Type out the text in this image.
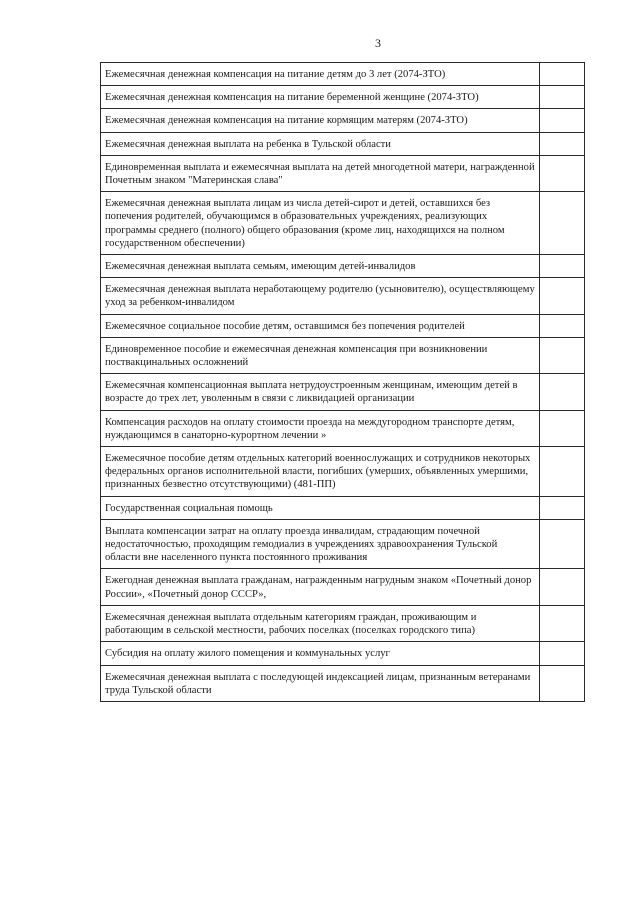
3
Ежемесячная денежная компенсация на питание детям до 3 лет (2074-ЗТО)	
Ежемесячная денежная компенсация на питание беременной женщине (2074-ЗТО)	
Ежемесячная денежная компенсация на питание кормящим матерям (2074-ЗТО)	
Ежемесячная денежная выплата на ребенка в Тульской области	
Единовременная выплата и ежемесячная выплата на детей многодетной матери, награжденной Почетным знаком "Материнская слава"	
Ежемесячная денежная выплата лицам из числа детей-сирот и детей, оставшихся без попечения родителей, обучающимся в образовательных учреждениях, реализующих программы среднего (полного) общего образования (кроме лиц, находящихся на полном государственном обеспечении)	
Ежемесячная денежная выплата семьям, имеющим детей-инвалидов	
Ежемесячная денежная выплата неработающему родителю (усыновителю), осуществляющему уход за ребенком-инвалидом	
Ежемесячное социальное пособие детям, оставшимся без попечения родителей	
Единовременное пособие и ежемесячная денежная компенсация при возникновении поствакцинальных осложнений	
Ежемесячная компенсационная выплата нетрудоустроенным женщинам, имеющим детей в возрасте до трех лет, уволенным в связи с ликвидацией организации	
Компенсация расходов на оплату стоимости проезда на междугородном транспорте детям, нуждающимся в санаторно-курортном лечении »	
Ежемесячное пособие детям отдельных категорий военнослужащих и сотрудников некоторых федеральных органов исполнительной власти, погибших (умерших, объявленных умершими, признанных безвестно отсутствующими) (481-ПП)	
Государственная социальная помощь	
Выплата компенсации затрат на оплату проезда инвалидам, страдающим почечной недостаточностью, проходящим гемодиализ в учреждениях здравоохранения Тульской области вне населенного пункта постоянного проживания	
Ежегодная денежная выплата гражданам, награжденным нагрудным знаком «Почетный донор России», «Почетный донор СССР»,	
Ежемесячная денежная выплата отдельным категориям граждан, проживающим и работающим в сельской местности, рабочих поселках (поселках городского типа)	
Субсидия на оплату жилого помещения и коммунальных услуг	
Ежемесячная денежная выплата с последующей индексацией лицам, признанным ветеранами труда Тульской области	
